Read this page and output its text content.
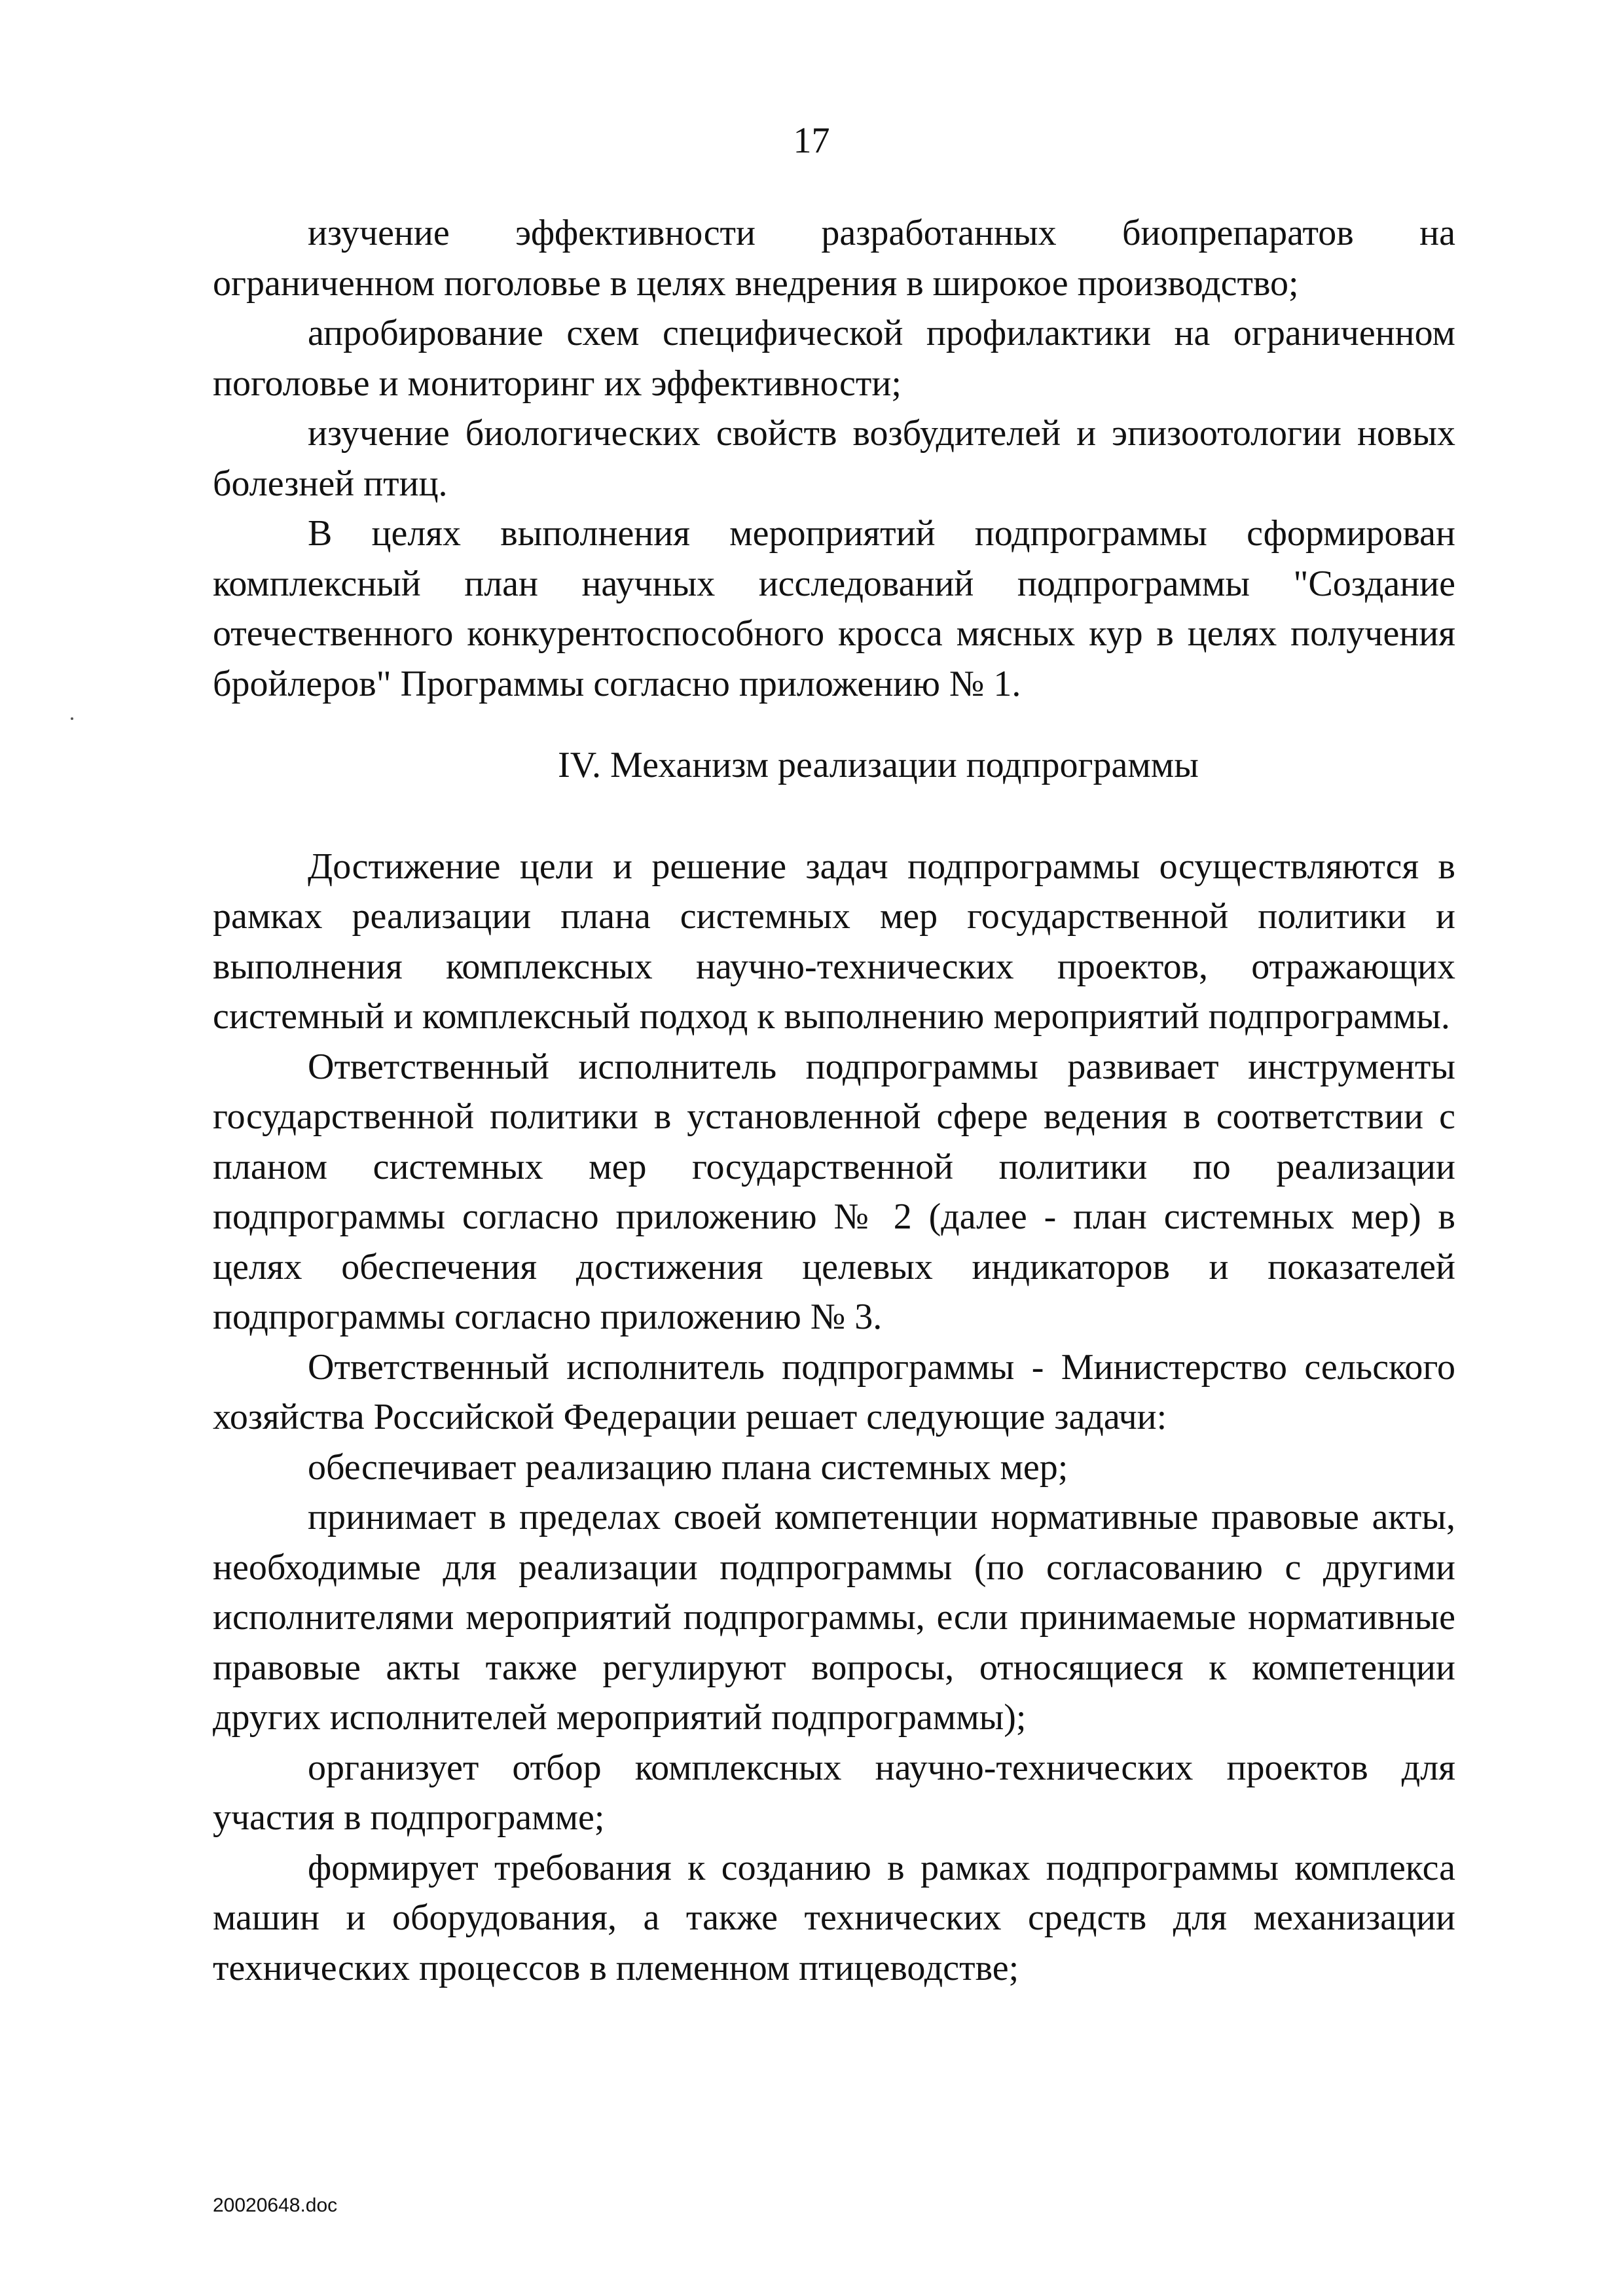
17

изучение эффективности разработанных биопрепаратов на ограниченном поголовье в целях внедрения в широкое производство;

апробирование схем специфической профилактики на ограниченном поголовье и мониторинг их эффективности;

изучение биологических свойств возбудителей и эпизоотологии новых болезней птиц.

В целях выполнения мероприятий подпрограммы сформирован комплексный план научных исследований подпрограммы "Создание отечественного конкурентоспособного кросса мясных кур в целях получения бройлеров" Программы согласно приложению № 1.

IV. Механизм реализации подпрограммы

Достижение цели и решение задач подпрограммы осуществляются в рамках реализации плана системных мер государственной политики и выполнения комплексных научно-технических проектов, отражающих системный и комплексный подход к выполнению мероприятий подпрограммы.

Ответственный исполнитель подпрограммы развивает инструменты государственной политики в установленной сфере ведения в соответствии с планом системных мер государственной политики по реализации подпрограммы согласно приложению № 2 (далее - план системных мер) в целях обеспечения достижения целевых индикаторов и показателей подпрограммы согласно приложению № 3.

Ответственный исполнитель подпрограммы - Министерство сельского хозяйства Российской Федерации решает следующие задачи:

обеспечивает реализацию плана системных мер;

принимает в пределах своей компетенции нормативные правовые акты, необходимые для реализации подпрограммы (по согласованию с другими исполнителями мероприятий подпрограммы, если принимаемые нормативные правовые акты также регулируют вопросы, относящиеся к компетенции других исполнителей мероприятий подпрограммы);

организует отбор комплексных научно-технических проектов для участия в подпрограмме;

формирует требования к созданию в рамках подпрограммы комплекса машин и оборудования, а также технических средств для механизации технических процессов в племенном птицеводстве;

20020648.doc
